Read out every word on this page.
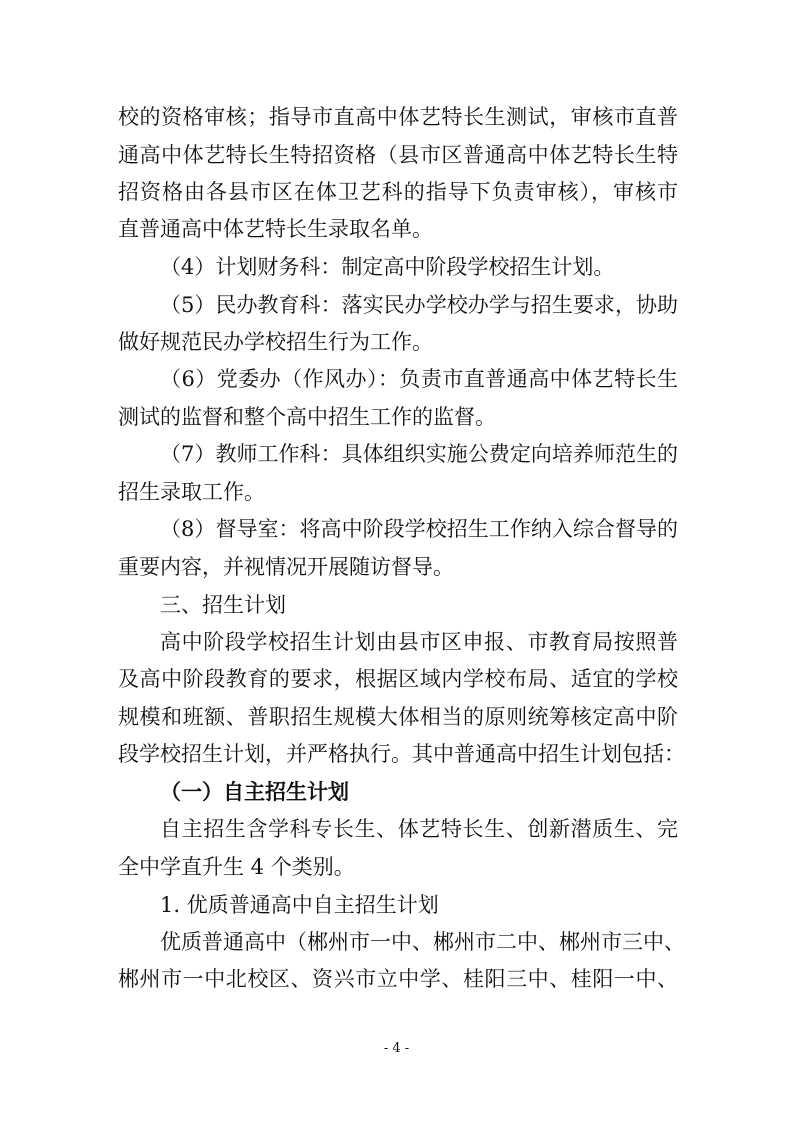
校的资格审核；指导市直高中体艺特长生测试，审核市直普
通高中体艺特长生特招资格（县市区普通高中体艺特长生特
招资格由各县市区在体卫艺科的指导下负责审核），审核市
直普通高中体艺特长生录取名单。
（4）计划财务科：制定高中阶段学校招生计划。
（5）民办教育科：落实民办学校办学与招生要求，协助
做好规范民办学校招生行为工作。
（6）党委办（作风办）：负责市直普通高中体艺特长生
测试的监督和整个高中招生工作的监督。
（7）教师工作科：具体组织实施公费定向培养师范生的
招生录取工作。
（8）督导室：将高中阶段学校招生工作纳入综合督导的
重要内容，并视情况开展随访督导。
三、招生计划
高中阶段学校招生计划由县市区申报、市教育局按照普
及高中阶段教育的要求，根据区域内学校布局、适宜的学校
规模和班额、普职招生规模大体相当的原则统筹核定高中阶
段学校招生计划，并严格执行。其中普通高中招生计划包括：
（一）自主招生计划
自主招生含学科专长生、体艺特长生、创新潜质生、完
全中学直升生 4 个类别。
1. 优质普通高中自主招生计划
优质普通高中（郴州市一中、郴州市二中、郴州市三中、
郴州市一中北校区、资兴市立中学、桂阳三中、桂阳一中、
- 4 -
